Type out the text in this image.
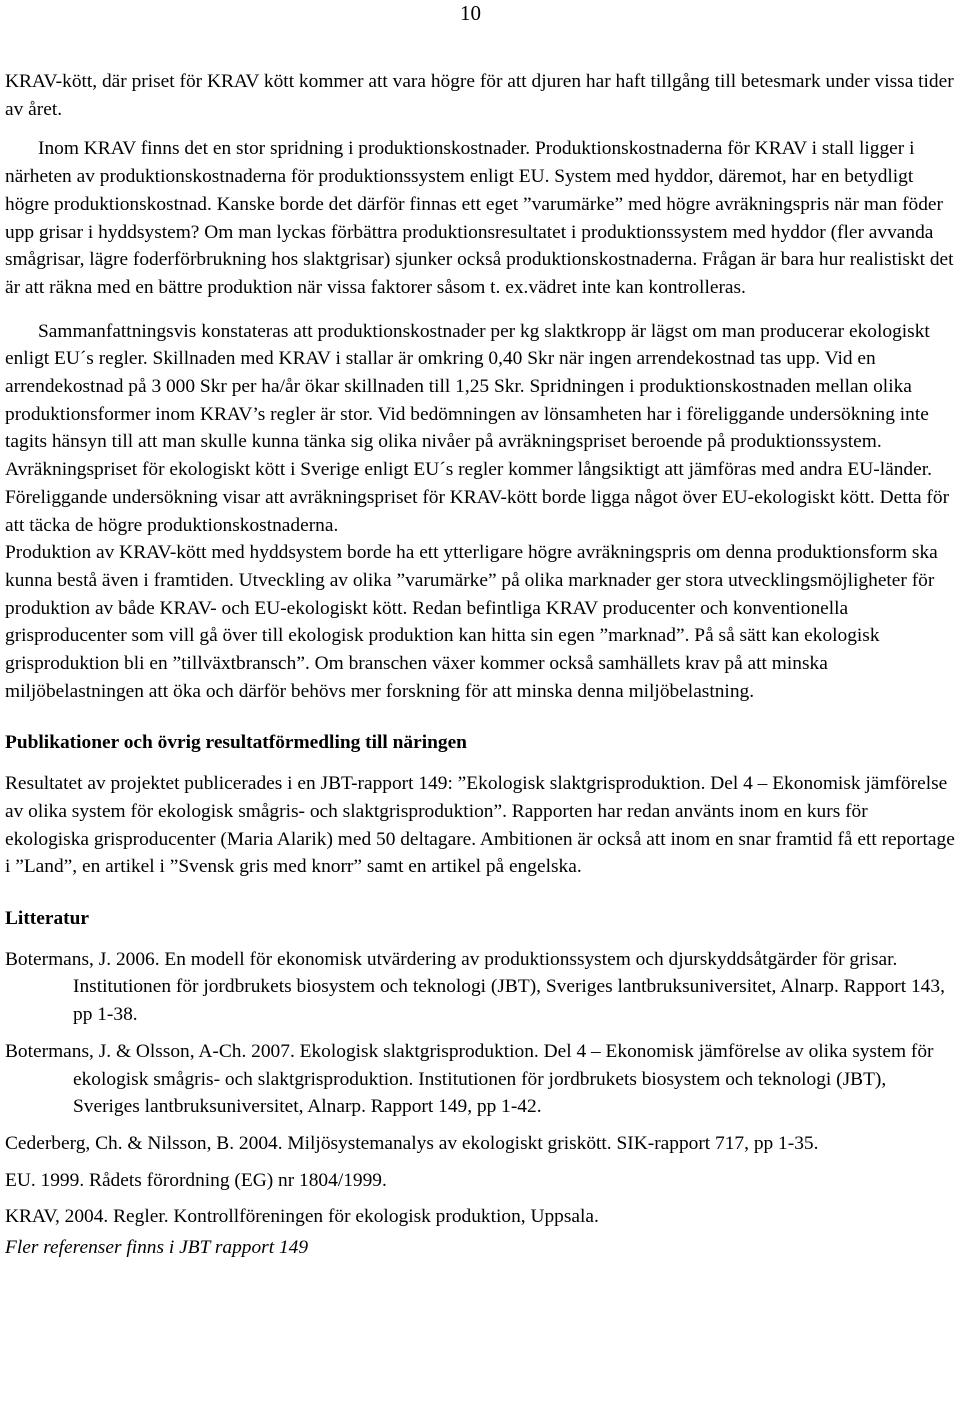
10

KRAV-kött, där priset för KRAV kött kommer att vara högre för att djuren har haft tillgång till betesmark under vissa tider av året.

Inom KRAV finns det en stor spridning i produktionskostnader. Produktionskostnaderna för KRAV i stall ligger i närheten av produktionskostnaderna för produktionssystem enligt EU. System med hyddor, däremot, har en betydligt högre produktionskostnad. Kanske borde det därför finnas ett eget ”varumärke” med högre avräkningspris när man föder upp grisar i hyddsystem? Om man lyckas förbättra produktionsresultatet i produktionssystem med hyddor (fler avvanda smågrisar, lägre foderförbrukning hos slaktgrisar) sjunker också produktionskostnaderna. Frågan är bara hur realistiskt det är att räkna med en bättre produktion när vissa faktorer såsom t. ex.vädret inte kan kontrolleras.

Sammanfattningsvis konstateras att produktionskostnader per kg slaktkropp är lägst om man producerar ekologiskt enligt EU´s regler. Skillnaden med KRAV i stallar är omkring 0,40 Skr när ingen arrendekostnad tas upp. Vid en arrendekostnad på 3 000 Skr per ha/år ökar skillnaden till 1,25 Skr. Spridningen i produktionskostnaden mellan olika produktionsformer inom KRAV’s regler är stor. Vid bedömningen av lönsamheten har i föreliggande undersökning inte tagits hänsyn till att man skulle kunna tänka sig olika nivåer på avräkningspriset beroende på produktionssystem.

Avräkningspriset för ekologiskt kött i Sverige enligt EU´s regler kommer långsiktigt att jämföras med andra EU-länder. Föreliggande undersökning visar att avräkningspriset för KRAV-kött borde ligga något över EU-ekologiskt kött. Detta för att täcka de högre produktionskostnaderna.

Produktion av KRAV-kött med hyddsystem borde ha ett ytterligare högre avräkningspris om denna produktionsform ska kunna bestå även i framtiden. Utveckling av olika ”varumärke” på olika marknader ger stora utvecklingsmöjligheter för produktion av både KRAV- och EU-ekologiskt kött. Redan befintliga KRAV producenter och konventionella grisproducenter som vill gå över till ekologisk produktion kan hitta sin egen ”marknad”. På så sätt kan ekologisk grisproduktion bli en ”tillväxtbransch”. Om branschen växer kommer också samhällets krav på att minska miljöbelastningen att öka och därför behövs mer forskning för att minska denna miljöbelastning.

Publikationer och övrig resultatförmedling till näringen

Resultatet av projektet publicerades i en JBT-rapport 149: ”Ekologisk slaktgrisproduktion. Del 4 – Ekonomisk jämförelse av olika system för ekologisk smågris- och slaktgrisproduktion”. Rapporten har redan använts inom en kurs för ekologiska grisproducenter (Maria Alarik) med 50 deltagare. Ambitionen är också att inom en snar framtid få ett reportage i ”Land”, en artikel i ”Svensk gris med knorr” samt en artikel på engelska.

Litteratur

Botermans, J. 2006. En modell för ekonomisk utvärdering av produktionssystem och djurskyddsåtgärder för grisar. Institutionen för jordbrukets biosystem och teknologi (JBT), Sveriges lantbruksuniversitet, Alnarp. Rapport 143, pp 1-38.

Botermans, J. & Olsson, A-Ch. 2007. Ekologisk slaktgrisproduktion. Del 4 – Ekonomisk jämförelse av olika system för ekologisk smågris- och slaktgrisproduktion. Institutionen för jordbrukets biosystem och teknologi (JBT), Sveriges lantbruksuniversitet, Alnarp. Rapport 149, pp 1-42.

Cederberg, Ch. & Nilsson, B. 2004. Miljösystemanalys av ekologiskt griskött. SIK-rapport 717, pp 1-35.

EU. 1999. Rådets förordning (EG) nr 1804/1999.

KRAV, 2004. Regler. Kontrollföreningen för ekologisk produktion, Uppsala.

Fler referenser finns i JBT rapport 149
